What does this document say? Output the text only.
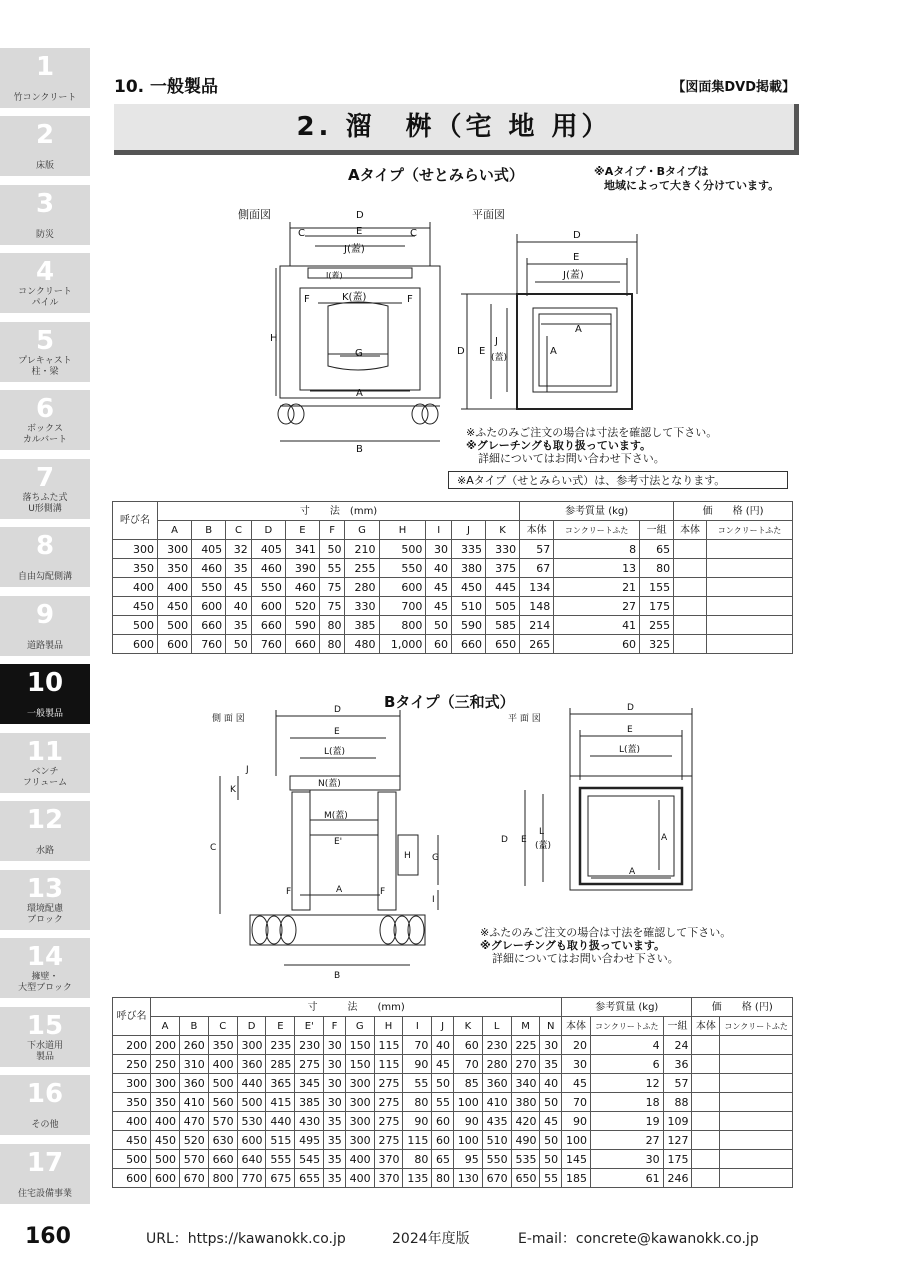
1
竹コンクリート
2
床版
3
防災
4
コンクリート
パイル
5
プレキャスト
柱・梁
6
ボックス
カルバート
7
落ちふた式
U形側溝
8
自由勾配側溝
9
道路製品
10
一般製品
11
ベンチ
フリューム
12
水路
13
環境配慮
ブロック
14
擁壁・
大型ブロック
15
下水道用
製品
16
その他
17
住宅設備事業
10. 一般製品	【図面集DVD掲載】
2. 溜　桝（宅 地 用）
Aタイプ（せとみらい式）	※Aタイプ・Bタイプは
地域によって大きく分けています。
側面図	平面図
D
C	C
E
J(蓋)
I(蓋)
K(蓋)
F	F
H
G
A
B
D
E
J(蓋)
D E
J
(蓋)
A
A
※ふたのみご注文の場合は寸法を確認して下さい。
※グレーチングも取り扱っています。
詳細についてはお問い合わせ下さい。
※Aタイプ（せとみらい式）は、参考寸法となります。
呼び名	寸　　法　(mm)											参考質量 (kg)			価　　格 (円)	
	A	B	C	D	E	F	G	H	I	J	K	本体	コンクリートふた	一組	本体	コンクリートふた
300	300	405	32	405	341	50	210	500	30	335	330	57	8	65		
350	350	460	35	460	390	55	255	550	40	380	375	67	13	80		
400	400	550	45	550	460	75	280	600	45	450	445	134	21	155		
450	450	600	40	600	520	75	330	700	45	510	505	148	27	175		
500	500	660	35	660	590	80	385	800	50	590	585	214	41	255		
600	600	760	50	760	660	80	480	1,000	60	660	650	265	60	325		
Bタイプ（三和式）
側 面 図	平 面 図
D
E
L(蓋)
J
K
N(蓋)
M(蓋)
E'
C
H G
F	F
A
I
B
D
E
L(蓋)
D E
L
(蓋)
A
A
※ふたのみご注文の場合は寸法を確認して下さい。
※グレーチングも取り扱っています。
詳細についてはお問い合わせ下さい。
呼び名	寸　　　法　　(mm)															参考質量 (kg)			価　　格 (円)	
	A	B	C	D	E	E'	F	G	H	I	J	K	L	M	N	本体	コンクリートふた	一組	本体	コンクリートふた
200	200	260	350	300	235	230	30	150	115	70	40	60	230	225	30	20	4	24		
250	250	310	400	360	285	275	30	150	115	90	45	70	280	270	35	30	6	36		
300	300	360	500	440	365	345	30	300	275	55	50	85	360	340	40	45	12	57		
350	350	410	560	500	415	385	30	300	275	80	55	100	410	380	50	70	18	88		
400	400	470	570	530	440	430	35	300	275	90	60	90	435	420	45	90	19	109		
450	450	520	630	600	515	495	35	300	275	115	60	100	510	490	50	100	27	127		
500	500	570	660	640	555	545	35	400	370	80	65	95	550	535	50	145	30	175		
600	600	670	800	770	675	655	35	400	370	135	80	130	670	650	55	185	61	246		
160	URL：https://kawanokk.co.jp	2024年度版	E-mail：concrete@kawanokk.co.jp
